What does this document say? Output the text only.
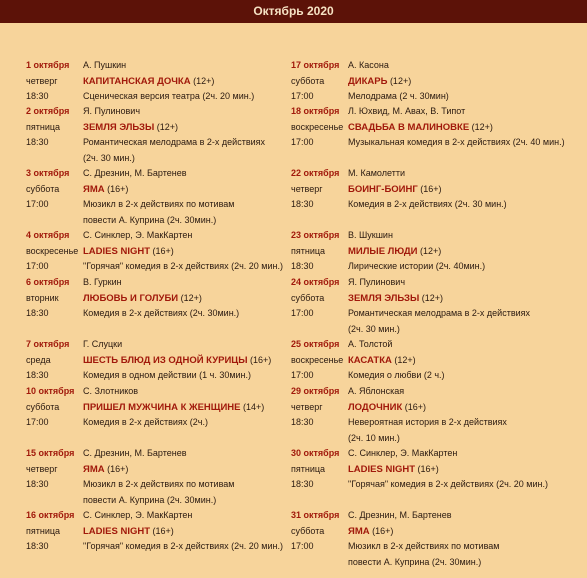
Октябрь 2020
1 октября А. Пушкин
четверг	КАПИТАНСКАЯ ДОЧКА (12+)
18:30	Сценическая версия театра (2ч. 20 мин.)
2 октября Я. Пулинович
пятница ЗЕМЛЯ ЭЛЬЗЫ (12+)
18:30	Романтическая мелодрама в 2-х действиях
(2ч. 30 мин.)
3 октября С. Дрезнин, М. Бартенев
суббота	ЯМА (16+)
17:00	Мюзикл в 2-х действиях по мотивам
повести А. Куприна (2ч. 30мин.)
4 октября С. Синклер, Э. МакКартен
воскресенье LADIES NIGHT (16+)
17:00	"Горячая" комедия в 2-х действиях (2ч. 20 мин.)
6 октября В. Гуркин
вторник	ЛЮБОВЬ И ГОЛУБИ (12+)
18:30	Комедия в 2-х действиях (2ч. 30мин.)
7 октября Г. Слуцки
среда	ШЕСТЬ БЛЮД ИЗ ОДНОЙ КУРИЦЫ (16+)
18:30	Комедия в одном действии (1 ч. 30мин.)
10 октября С. Злотников
суббота	ПРИШЕЛ МУЖЧИНА К ЖЕНЩИНЕ (14+)
17:00	Комедия в 2-х действиях (2ч.)
15 октября С. Дрезнин, М. Бартенев
четверг	ЯМА (16+)
18:30	Мюзикл в 2-х действиях по мотивам
повести А. Куприна (2ч. 30мин.)
16 октября С. Синклер, Э. МакКартен
пятница LADIES NIGHT (16+)
18:30	"Горячая" комедия в 2-х действиях (2ч. 20 мин.)
17 октября А. Касона
суббота	ДИКАРЬ (12+)
17:00	Мелодрама (2 ч. 30мин)
18 октября Л. Юхвид, М. Авах, В. Типот
воскресенье СВАДЬБА В МАЛИНОВКЕ (12+)
17:00	Музыкальная комедия в 2-х действиях (2ч. 40 мин.)
22 октября М. Камолетти
четверг	БОИНГ-БОИНГ (16+)
18:30	Комедия в 2-х действиях (2ч. 30 мин.)
23 октября В. Шукшин
пятница МИЛЫЕ ЛЮДИ (12+)
18:30	Лирические истории (2ч. 40мин.)
24 октября Я. Пулинович
суббота	ЗЕМЛЯ ЭЛЬЗЫ (12+)
17:00	Романтическая мелодрама в 2-х действиях
(2ч. 30 мин.)
25 октября А. Толстой
воскресенье КАСАТКА (12+)
17:00	Комедия о любви (2 ч.)
29 октября А. Яблонская
четверг	ЛОДОЧНИК (16+)
18:30	Невероятная история в 2-х действиях
(2ч. 10 мин.)
30 октября С. Синклер, Э. МакКартен
пятница LADIES NIGHT (16+)
18:30	"Горячая" комедия в 2-х действиях (2ч. 20 мин.)
31 октября С. Дрезнин, М. Бартенев
суббота	ЯМА (16+)
17:00	Мюзикл в 2-х действиях по мотивам
повести А. Куприна (2ч. 30мин.)
